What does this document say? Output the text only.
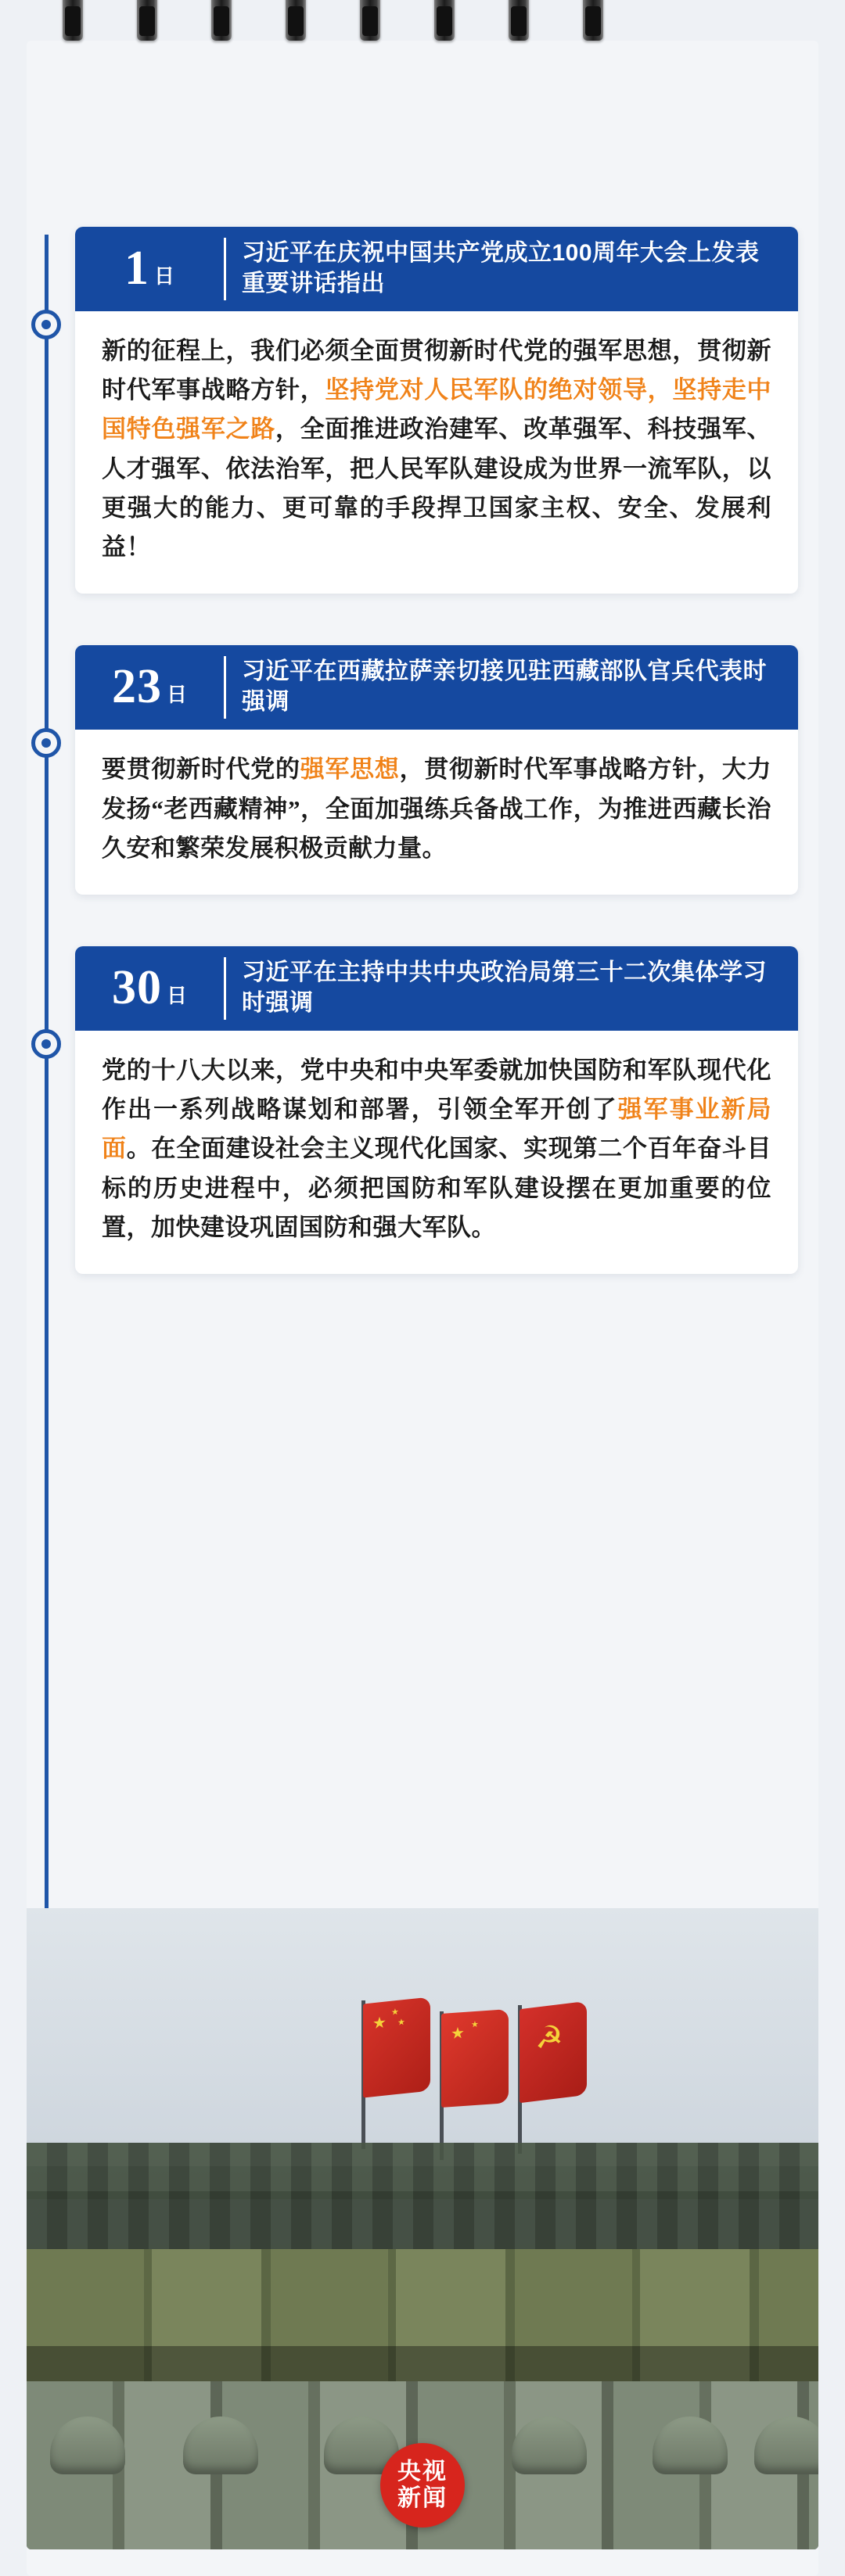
1 日
习近平在庆祝中国共产党成立100周年大会上发表重要讲话指出
新的征程上，我们必须全面贯彻新时代党的强军思想，贯彻新时代军事战略方针，坚持党对人民军队的绝对领导，坚持走中国特色强军之路，全面推进政治建军、改革强军、科技强军、人才强军、依法治军，把人民军队建设成为世界一流军队，以更强大的能力、更可靠的手段捍卫国家主权、安全、发展利益！
23 日
习近平在西藏拉萨亲切接见驻西藏部队官兵代表时强调
要贯彻新时代党的强军思想，贯彻新时代军事战略方针，大力发扬“老西藏精神”，全面加强练兵备战工作，为推进西藏长治久安和繁荣发展积极贡献力量。
30 日
习近平在主持中共中央政治局第三十二次集体学习时强调
党的十八大以来，党中央和中央军委就加快国防和军队现代化作出一系列战略谋划和部署，引领全军开创了强军事业新局面。在全面建设社会主义现代化国家、实现第二个百年奋斗目标的历史进程中，必须把国防和军队建设摆在更加重要的位置，加快建设巩固国防和强大军队。
★
★
★
★ ★ ☭
央视
新闻
